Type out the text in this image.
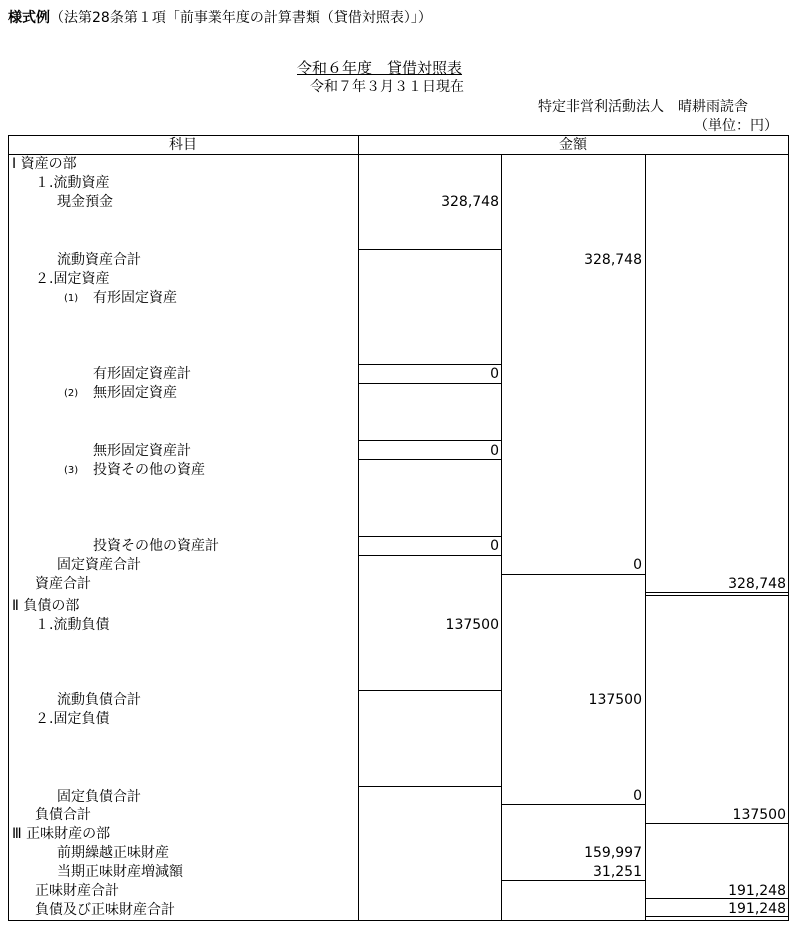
様式例（法第28条第１項「前事業年度の計算書類（貸借対照表）」）
令和６年度　貸借対照表
令和７年３月３１日現在
特定非営利活動法人　晴耕雨読舎
（単位：円）
科目	金額
Ⅰ 資産の部
１.流動資産
現金預金
流動資産合計
２.固定資産
(1) 有形固定資産
有形固定資産計
(2) 無形固定資産
無形固定資産計
(3) 投資その他の資産
投資その他の資産計
固定資産合計
資産合計
Ⅱ 負債の部
１.流動負債
流動負債合計
２.固定負債
固定負債合計
負債合計
Ⅲ 正味財産の部
前期繰越正味財産
当期正味財産増減額
正味財産合計
負債及び正味財産合計
328,748
328,748
0
0
0
0
328,748
137500
137500
0
137500
159,997
31,251
191,248
191,248
